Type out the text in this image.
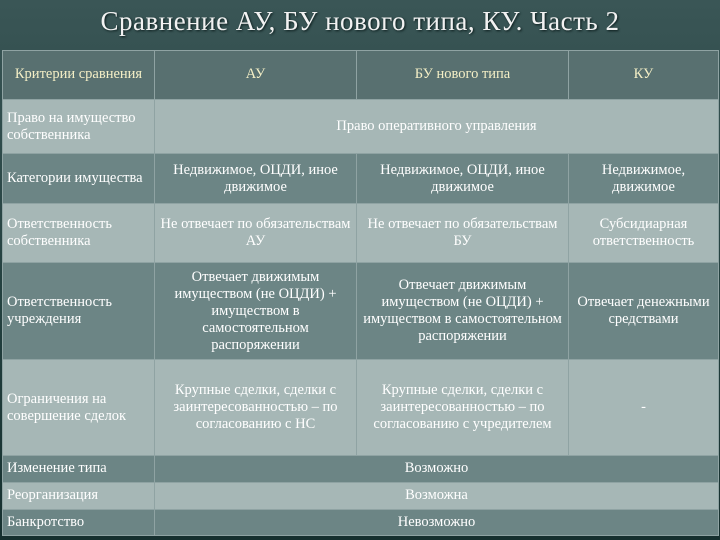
Сравнение АУ, БУ нового типа, КУ. Часть 2
Критерии сравнения	АУ	БУ нового типа	КУ
Право на имущество собственника	Право оперативного управления		
Категории имущества	Недвижимое, ОЦДИ, иное движимое	Недвижимое, ОЦДИ, иное движимое	Недвижимое, движимое
Ответственность собственника	Не отвечает по обязательствам АУ	Не отвечает по обязательствам БУ	Субсидиарная ответственность
Ответственность учреждения	Отвечает движимым имуществом (не ОЦДИ) + имуществом в самостоятельном распоряжении	Отвечает движимым имуществом (не ОЦДИ) + имуществом в самостоятельном распоряжении	Отвечает денежными средствами
Ограничения на совершение сделок	Крупные сделки, сделки с заинтересованностью – по согласованию с НС	Крупные сделки, сделки с заинтересованностью – по согласованию с учредителем	-
Изменение типа	Возможно		
Реорганизация	Возможна		
Банкротство	Невозможно		
